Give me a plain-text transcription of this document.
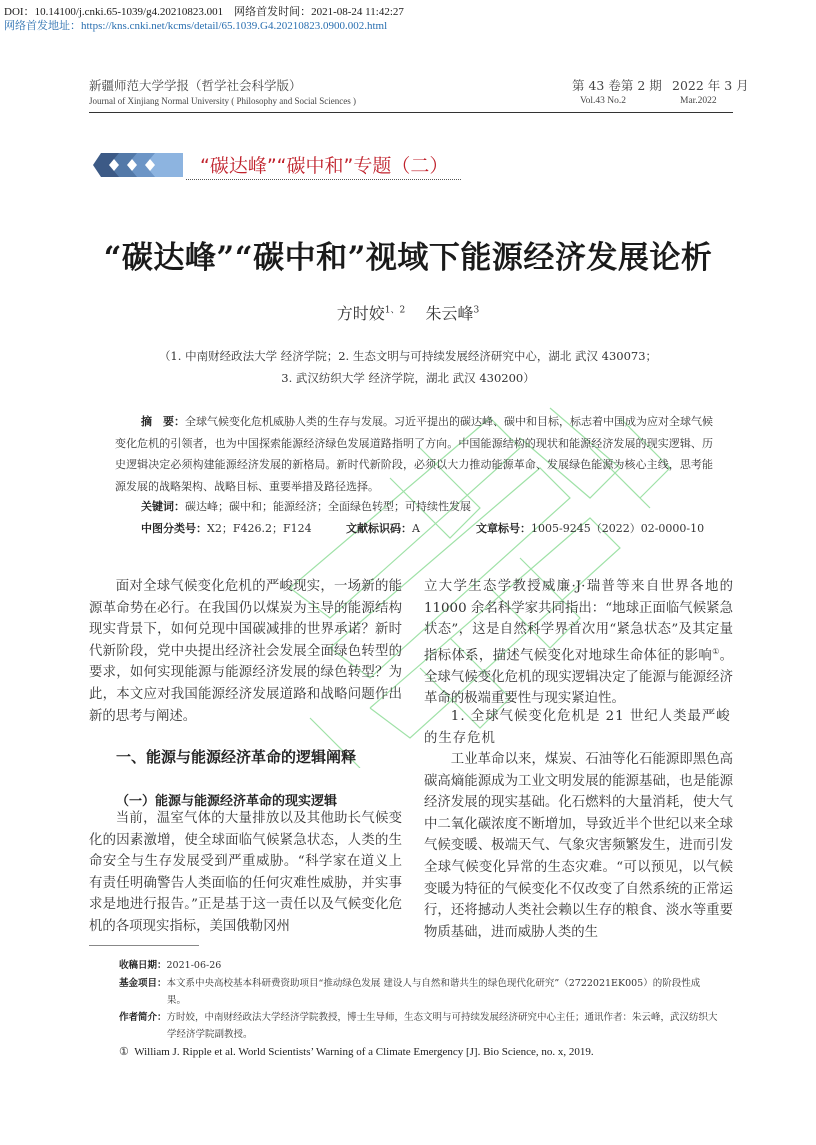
DOI：10.14100/j.cnki.65-1039/g4.20210823.001 网络首发时间：2021-08-24 11:42:27
网络首发地址：https://kns.cnki.net/kcms/detail/65.1039.G4.20210823.0900.002.html
新疆师范大学学报（哲学社会科学版）
Journal of Xinjiang Normal University ( Philosophy and Social Sciences )
第 43 卷第 2 期 2022 年 3 月
Vol.43 No.2	Mar.2022
“碳达峰”“碳中和”专题（二）
“碳达峰”“碳中和”视域下能源经济发展论析
方时姣$^{1、2}$ 朱云峰$^3$
（1. 中南财经政法大学 经济学院；2. 生态文明与可持续发展经济研究中心，湖北 武汉 430073；
3. 武汉纺织大学 经济学院，湖北 武汉 430200）
摘　要：全球气候变化危机威胁人类的生存与发展。习近平提出的碳达峰、碳中和目标，标志着中国成为应对全球气候变化危机的引领者，也为中国探索能源经济绿色发展道路指明了方向。中国能源结构的现状和能源经济发展的现实逻辑、历史逻辑决定必须构建能源经济发展的新格局。新时代新阶段，必须以大力推动能源革命、发展绿色能源为核心主线，思考能源发展的战略架构、战略目标、重要举措及路径选择。
关键词：碳达峰；碳中和；能源经济；全面绿色转型；可持续性发展
中图分类号：X2；F426.2；F124	文献标识码：A	文章标号：1005-9245（2022）02-0000-10

面对全球气候变化危机的严峻现实，一场新的能源革命势在必行。在我国仍以煤炭为主导的能源结构现实背景下，如何兑现中国碳减排的世界承诺？新时代新阶段，党中央提出经济社会发展全面绿色转型的要求，如何实现能源与能源经济发展的绿色转型？为此，本文应对我国能源经济发展道路和战略问题作出新的思考与阐述。

一、能源与能源经济革命的逻辑阐释
（一）能源与能源经济革命的现实逻辑

当前，温室气体的大量排放以及其他助长气候变化的因素激增，使全球面临气候紧急状态，人类的生命安全与生存发展受到严重威胁。“科学家在道义上有责任明确警告人类面临的任何灾难性威胁，并实事求是地进行报告。”正是基于这一责任以及气候变化危机的各项现实指标，美国俄勒冈州

立大学生态学教授威廉·J·瑞普等来自世界各地的11000 余名科学家共同指出：“地球正面临气候紧急状态”，这是自然科学界首次用“紧急状态”及其定量指标体系，描述气候变化对地球生命体征的影响①。全球气候变化危机的现实逻辑决定了能源与能源经济革命的极端重要性与现实紧迫性。
1. 全球气候变化危机是 21 世纪人类最严峻的生存危机

工业革命以来，煤炭、石油等化石能源即黑色高碳高熵能源成为工业文明发展的能源基础，也是能源经济发展的现实基础。化石燃料的大量消耗，使大气中二氧化碳浓度不断增加，导致近半个世纪以来全球气候变暖、极端天气、气象灾害频繁发生，进而引发全球气候变化异常的生态灾难。“可以预见，以气候变暖为特征的气候变化不仅改变了自然系统的正常运行，还将撼动人类社会赖以生存的粮食、淡水等重要物质基础，进而威胁人类的生

收稿日期：2021-06-26
基金项目：本文系中央高校基本科研费资助项目“推动绿色发展 建设人与自然和谐共生的绿色现代化研究”（2722021EK005）的阶段性成果。
作者简介：方时姣，中南财经政法大学经济学院教授，博士生导师，生态文明与可持续发展经济研究中心主任；通讯作者：朱云峰，武汉纺织大学经济学院副教授。
① William J. Ripple et al. World Scientists’ Warning of a Climate Emergency [J]. Bio Science, no. x, 2019.
